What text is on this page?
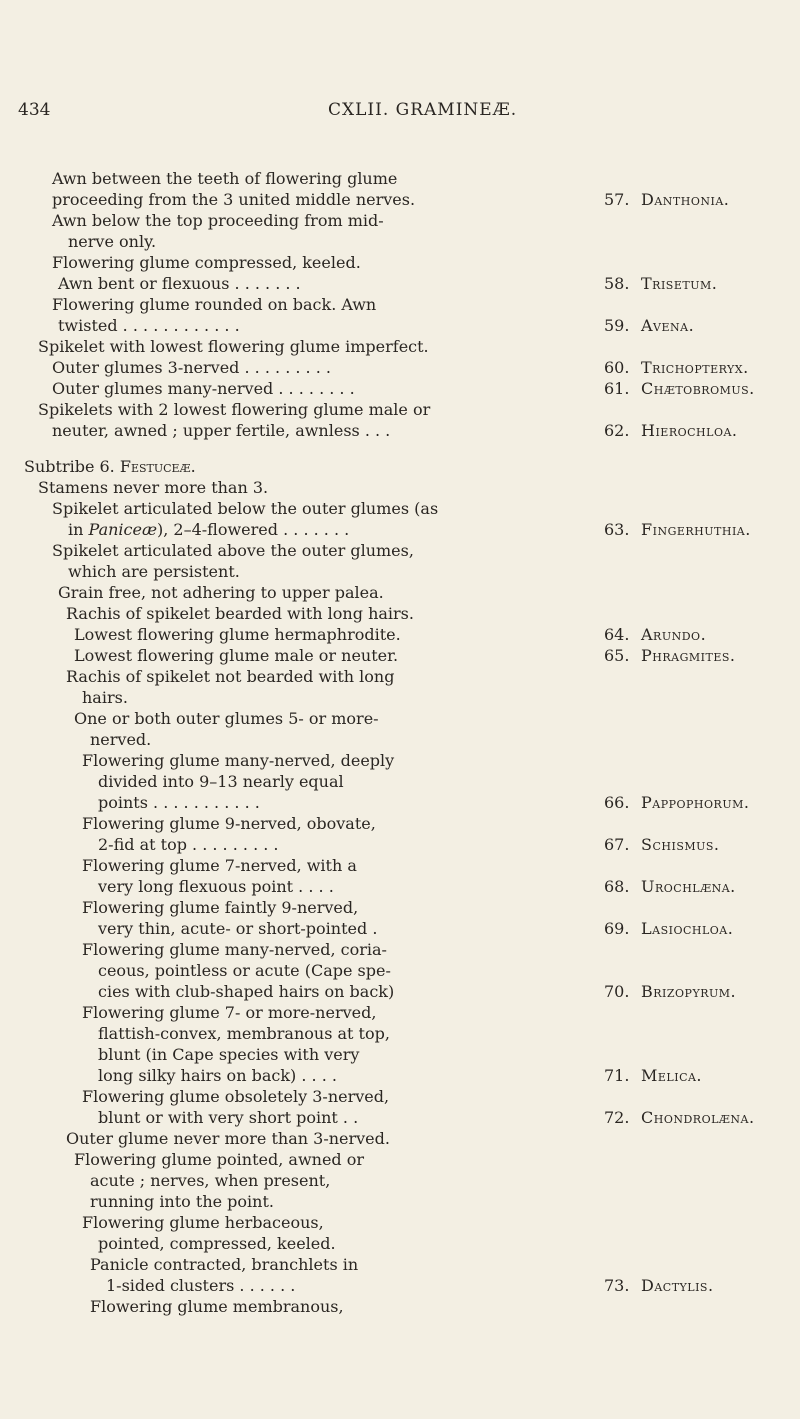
434	CXLII. GRAMINEÆ.
Awn between the teeth of flowering glume
proceeding from the 3 united middle nerves.	57. Danthonia.
Awn below the top proceeding from mid-
nerve only.
Flowering glume compressed, keeled.
Awn bent or flexuous . . . . . . .	58. Trisetum.
Flowering glume rounded on back. Awn
twisted . . . . . . . . . . . .	59. Avena.
Spikelet with lowest flowering glume imperfect.
Outer glumes 3-nerved . . . . . . . . .	60. Trichopteryx.
Outer glumes many-nerved . . . . . . . .	61. Chætobromus.
Spikelets with 2 lowest flowering glume male or
neuter, awned ; upper fertile, awnless . . .	62. Hierochloa.
Subtribe 6. Festuceæ.
Stamens never more than 3.
Spikelet articulated below the outer glumes (as
in Paniceæ), 2–4-flowered . . . . . . .	63. Fingerhuthia.
Spikelet articulated above the outer glumes,
which are persistent.
Grain free, not adhering to upper palea.
Rachis of spikelet bearded with long hairs.
Lowest flowering glume hermaphrodite.	64. Arundo.
Lowest flowering glume male or neuter.	65. Phragmites.
Rachis of spikelet not bearded with long
hairs.
One or both outer glumes 5- or more-
nerved.
Flowering glume many-nerved, deeply
divided into 9–13 nearly equal
points . . . . . . . . . . .	66. Pappophorum.
Flowering glume 9-nerved, obovate,
2-fid at top . . . . . . . . .	67. Schismus.
Flowering glume 7-nerved, with a
very long flexuous point . . . .	68. Urochlæna.
Flowering glume faintly 9-nerved,
very thin, acute- or short-pointed .	69. Lasiochloa.
Flowering glume many-nerved, coria-
ceous, pointless or acute (Cape spe-
cies with club-shaped hairs on back)	70. Brizopyrum.
Flowering glume 7- or more-nerved,
flattish-convex, membranous at top,
blunt (in Cape species with very
long silky hairs on back) . . . .	71. Melica.
Flowering glume obsoletely 3-nerved,
blunt or with very short point . .	72. Chondrolæna.
Outer glume never more than 3-nerved.
Flowering glume pointed, awned or
acute ; nerves, when present,
running into the point.
Flowering glume herbaceous,
pointed, compressed, keeled.
Panicle contracted, branchlets in
1-sided clusters . . . . . .	73. Dactylis.
Flowering glume membranous,
